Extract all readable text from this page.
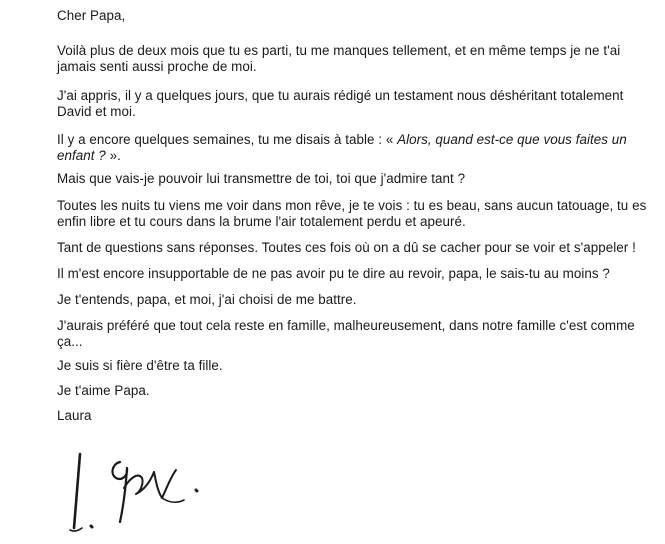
Cher Papa,
Voilà plus de deux mois que tu es parti, tu me manques tellement, et en même temps je ne t'ai
jamais senti aussi proche de moi.
J'ai appris, il y a quelques jours, que tu aurais rédigé un testament nous déshéritant totalement
David et moi.
Il y a encore quelques semaines, tu me disais à table : « Alors, quand est-ce que vous faites un
enfant ? ».
Mais que vais-je pouvoir lui transmettre de toi, toi que j'admire tant ?
Toutes les nuits tu viens me voir dans mon rêve, je te vois : tu es beau, sans aucun tatouage, tu es
enfin libre et tu cours dans la brume l'air totalement perdu et apeuré.
Tant de questions sans réponses. Toutes ces fois où on a dû se cacher pour se voir et s'appeler !
Il m'est encore insupportable de ne pas avoir pu te dire au revoir, papa, le sais-tu au moins ?
Je t'entends, papa, et moi, j'ai choisi de me battre.
J'aurais préféré que tout cela reste en famille, malheureusement, dans notre famille c'est comme
ça...
Je suis si fière d'être ta fille.
Je t'aime Papa.
Laura
